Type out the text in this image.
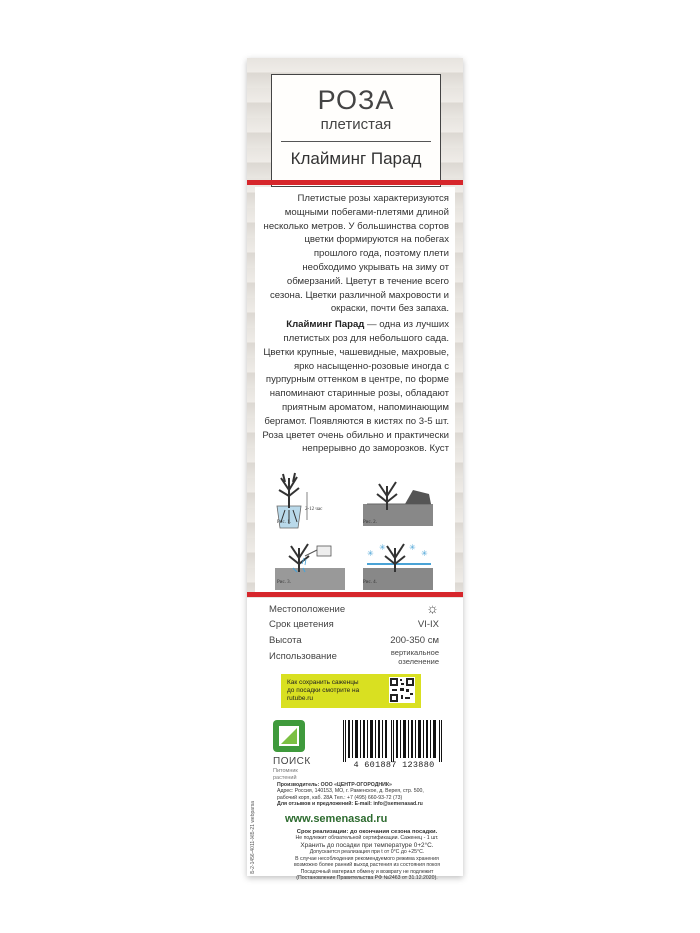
РОЗА
плетистая
Клайминг Парад

Плетистые розы характеризуются мощными побегами-плетями длиной несколько метров. У большинства сортов цветки формируются на побегах прошлого года, поэтому плети необходимо укрывать на зиму от обмерзаний. Цветут в течение всего сезона. Цветки различной махровости и окраски, почти без запаха.

Клайминг Парад — одна из лучших плетистых роз для небольшого сада. Цветки крупные, чашевидные, махровые, ярко насыщенно-розовые иногда с пурпурным оттенком в центре, по форме напоминают старинные розы, обладают приятным ароматом, напоминающим бергамот. Появляются в кистях по 3-5 шт. Роза цветет очень обильно и практически непрерывно до заморозков. Куст

✳
✳	✳
✳
2-12 час
Рис. 1.	Рис. 2.
Рис. 3.	Рис. 4.
Местоположение	☼
Срок цветения	VI-IX
Высота	200-350 см
Использование	вертикальное
озеленение
Как сохранить саженцы
до посадки смотрите на
rutube.ru
ПОИСК
Питомник
растений
4 601887 123880
Производитель: ООО «ЦЕНТР-ОГОРОДНИК»
Адрес: Россия, 140153, МО, г. Раменское, д. Верея, стр. 500,
рабочий корп, каб. 28А Тел.: +7 (495) 660-93-72 (73)
Для отзывов и предложений: E-mail: info@semenasad.ru
www.semenasad.ru
Срок реализации: до окончания сезона посадки.
Не подлежит обязательной сертификации. Саженец - 1 шт.
Хранить до посадки при температуре 0+2°С.
Допускается реализация при t от 0°С до +25°С.
В случае несоблюдения рекомендуемого режима хранения
возможно более ранний выход растения из состояния покоя
Посадочный материал обмену и возврату не подлежит
(Постановление Правительства РФ №2463 от 31.12.2020).
Б-2-1456-4011-ЖБ-21 webparsa
